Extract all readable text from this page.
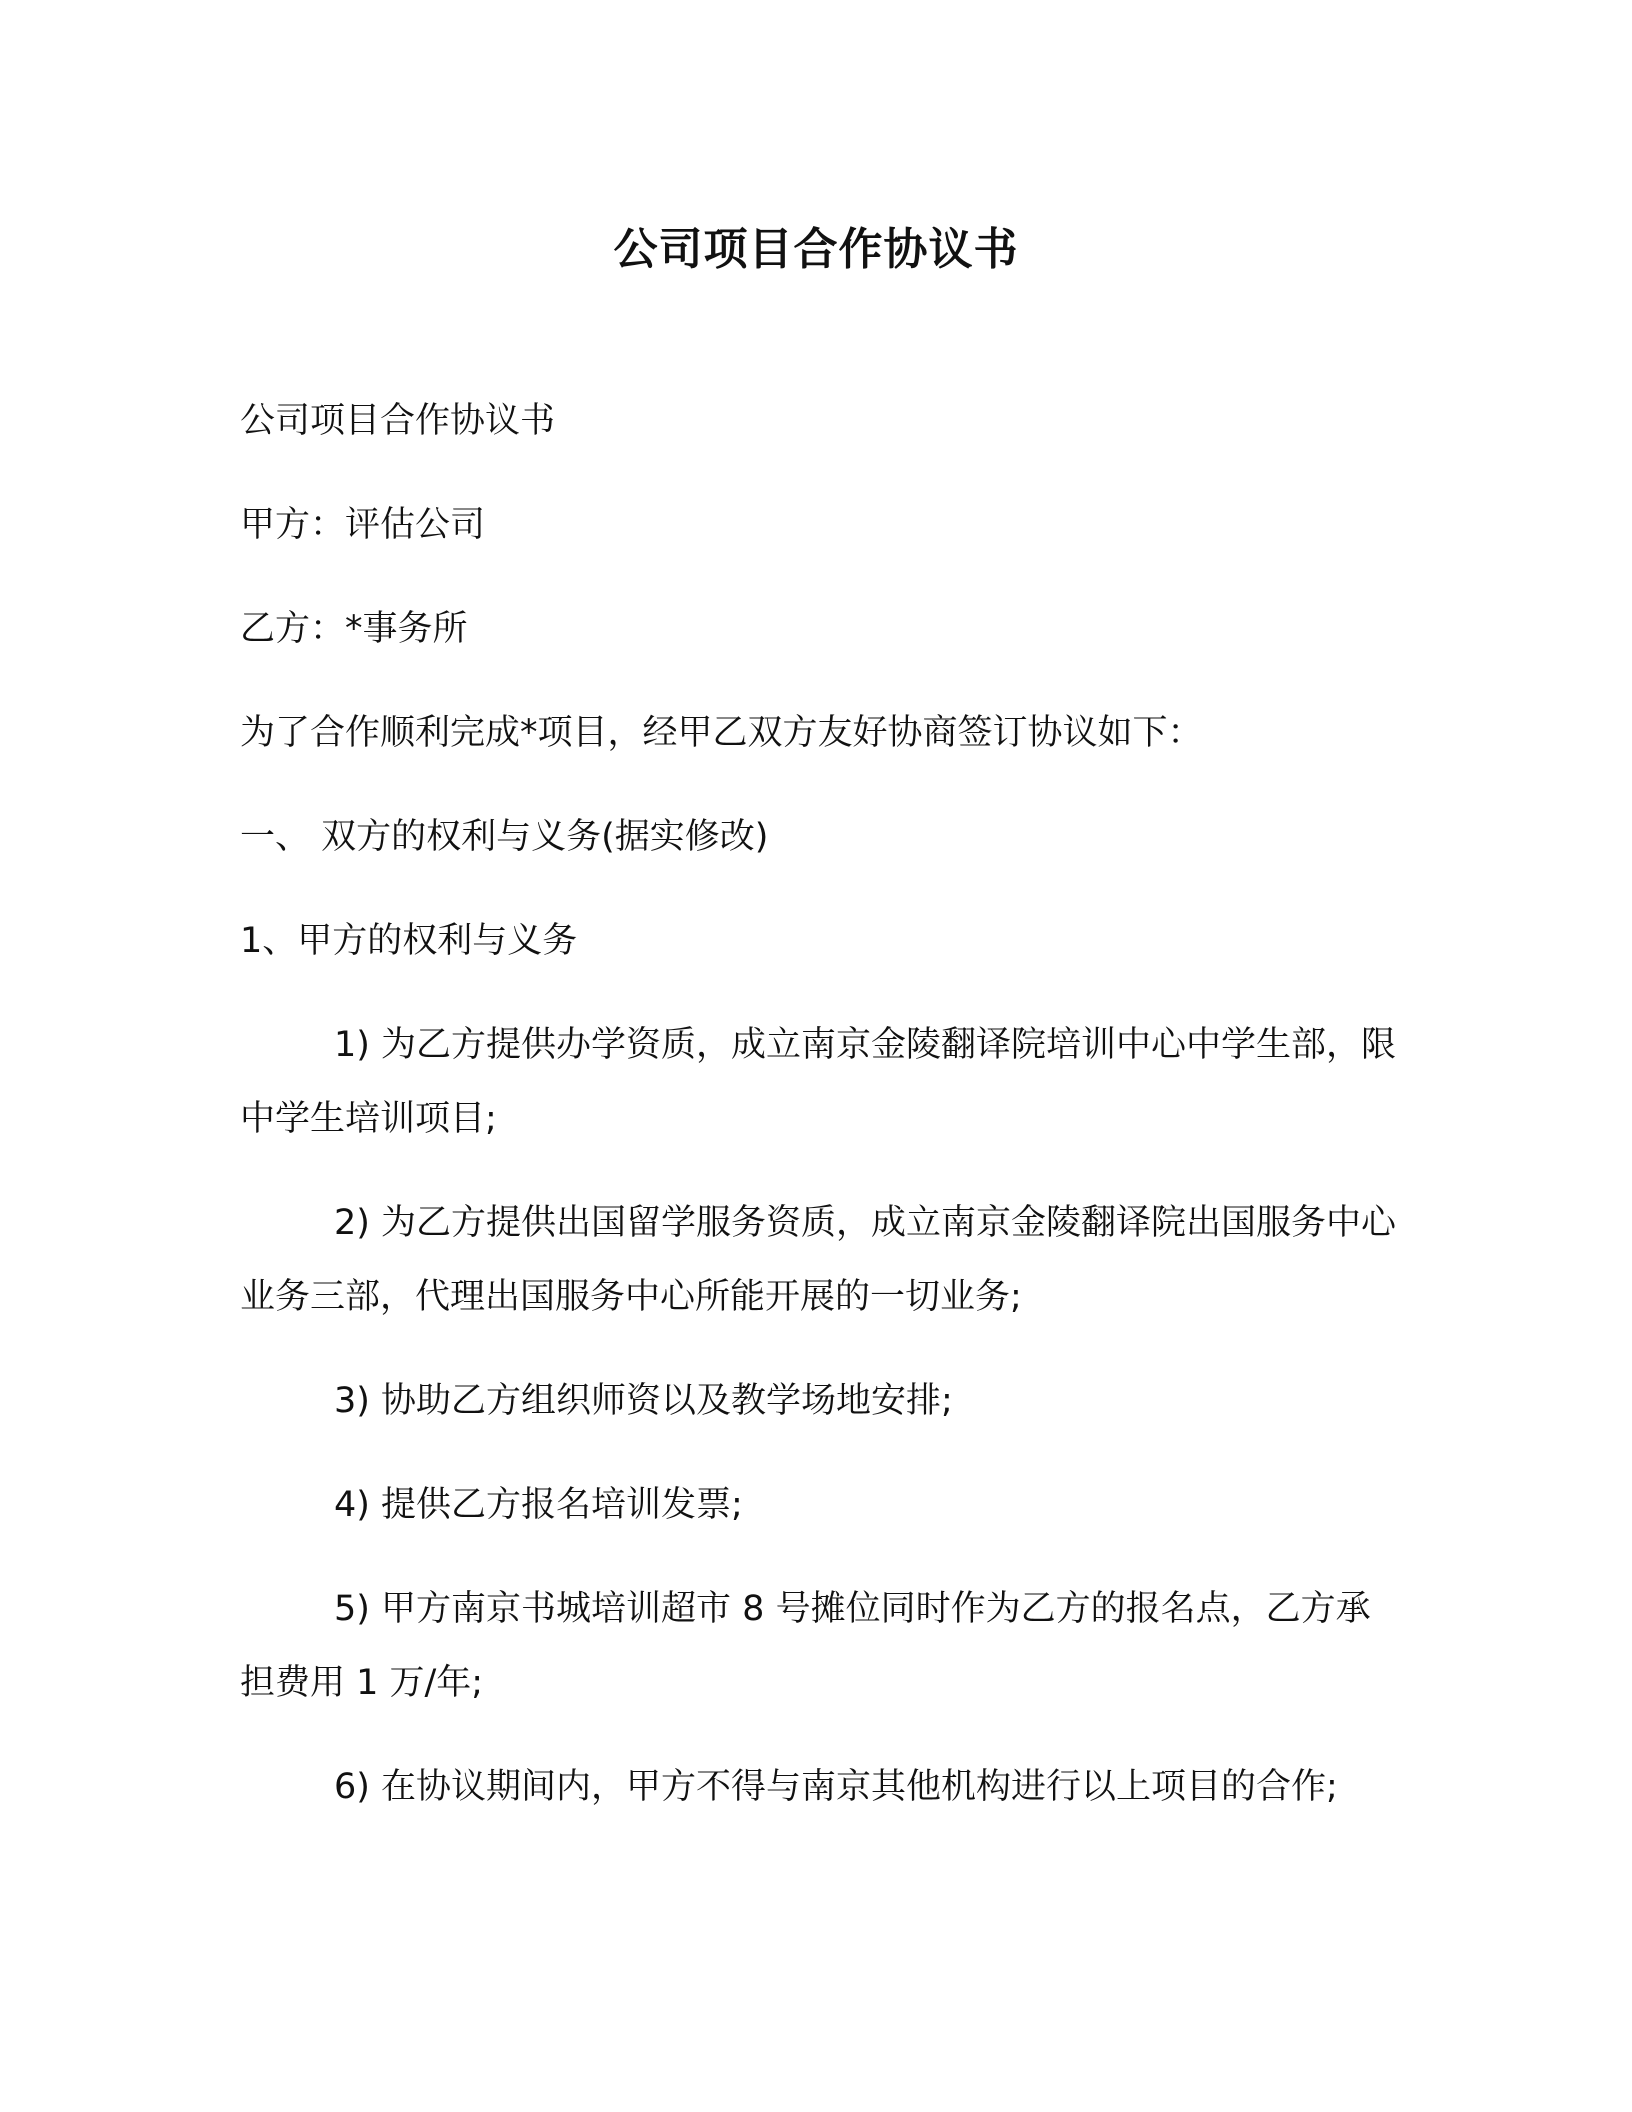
公司项目合作协议书
公司项目合作协议书
甲方：评估公司
乙方：*事务所
为了合作顺利完成*项目，经甲乙双方友好协商签订协议如下：
一、 双方的权利与义务(据实修改)
1、甲方的权利与义务
1) 为乙方提供办学资质，成立南京金陵翻译院培训中心中学生部，限中学生培训项目;
2) 为乙方提供出国留学服务资质，成立南京金陵翻译院出国服务中心业务三部，代理出国服务中心所能开展的一切业务;
3) 协助乙方组织师资以及教学场地安排;
4) 提供乙方报名培训发票;
5) 甲方南京书城培训超市 8 号摊位同时作为乙方的报名点，乙方承担费用 1 万/年;
6) 在协议期间内，甲方不得与南京其他机构进行以上项目的合作;
